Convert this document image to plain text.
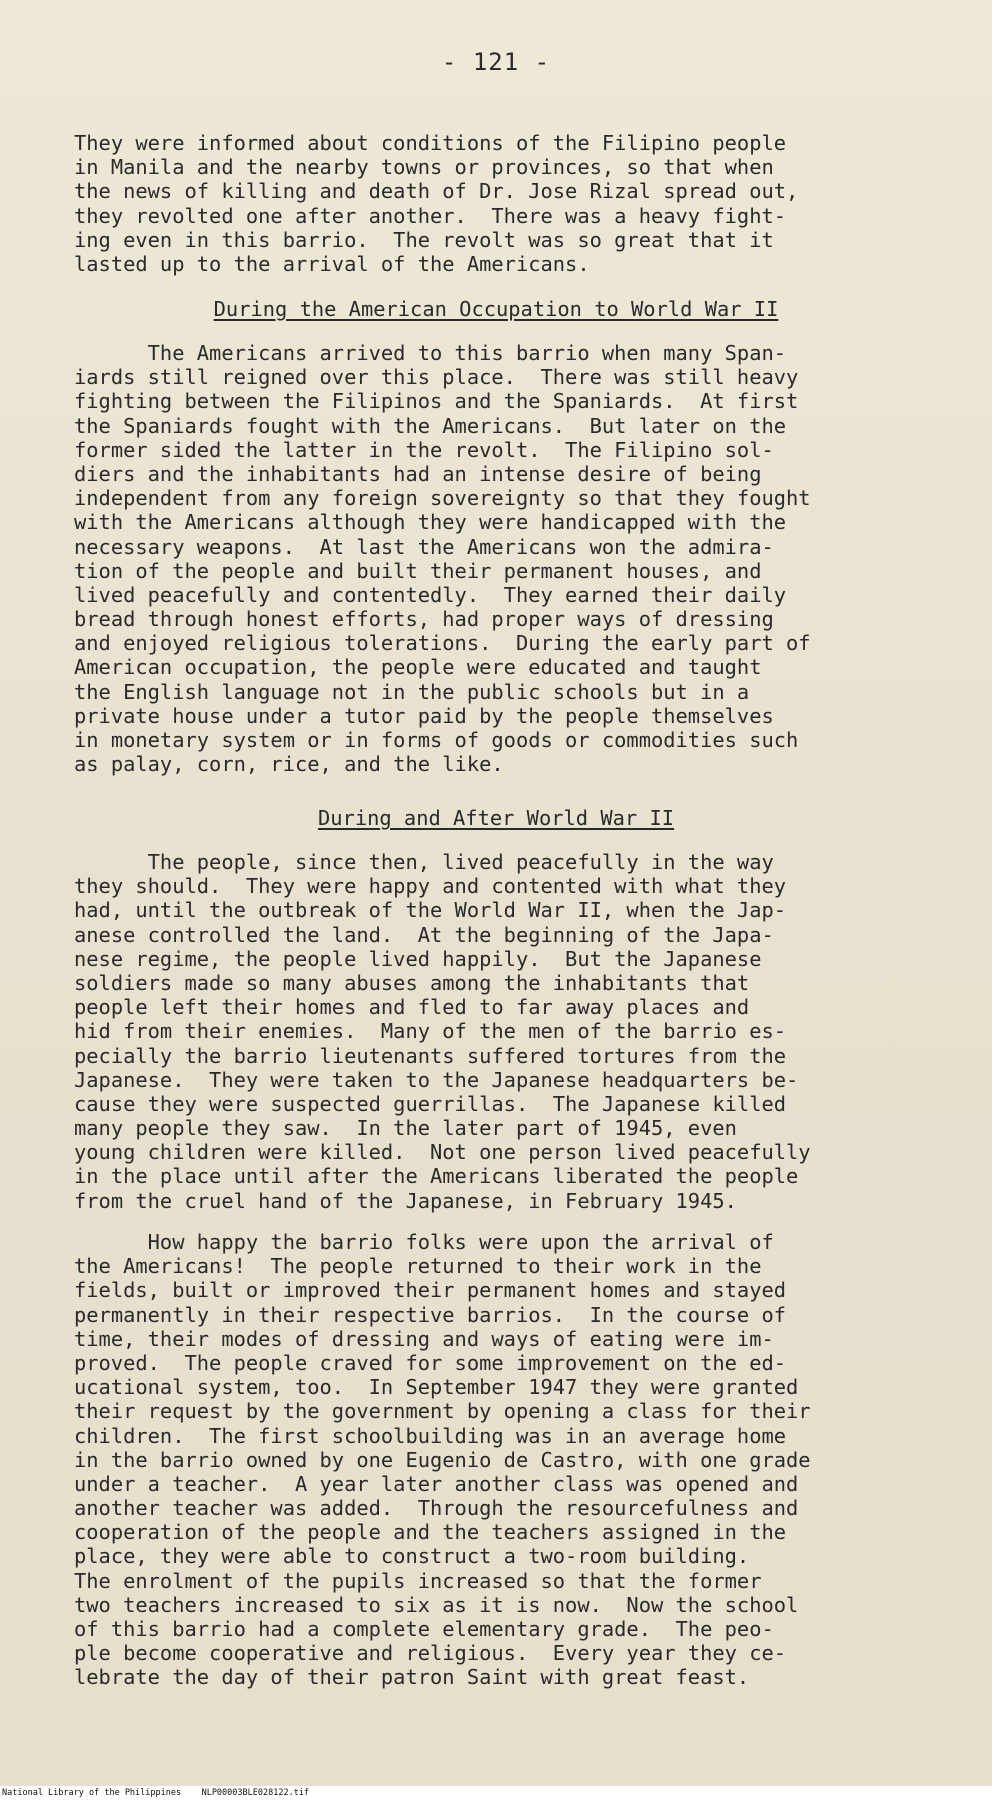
- 121 -
They were informed about conditions of the Filipino people
in Manila and the nearby towns or provinces, so that when
the news of killing and death of Dr. Jose Rizal spread out,
they revolted one after another.  There was a heavy fight-
ing even in this barrio.  The revolt was so great that it
lasted up to the arrival of the Americans.
During the American Occupation to World War II
The Americans arrived to this barrio when many Span-
iards still reigned over this place.  There was still heavy
fighting between the Filipinos and the Spaniards.  At first
the Spaniards fought with the Americans.  But later on the
former sided the latter in the revolt.  The Filipino sol-
diers and the inhabitants had an intense desire of being
independent from any foreign sovereignty so that they fought
with the Americans although they were handicapped with the
necessary weapons.  At last the Americans won the admira-
tion of the people and built their permanent houses, and
lived peacefully and contentedly.  They earned their daily
bread through honest efforts, had proper ways of dressing
and enjoyed religious tolerations.  During the early part of
American occupation, the people were educated and taught
the English language not in the public schools but in a
private house under a tutor paid by the people themselves
in monetary system or in forms of goods or commodities such
as palay, corn, rice, and the like.
During and After World War II
The people, since then, lived peacefully in the way
they should.  They were happy and contented with what they
had, until the outbreak of the World War II, when the Jap-
anese controlled the land.  At the beginning of the Japa-
nese regime, the people lived happily.  But the Japanese
soldiers made so many abuses among the inhabitants that
people left their homes and fled to far away places and
hid from their enemies.  Many of the men of the barrio es-
pecially the barrio lieutenants suffered tortures from the
Japanese.  They were taken to the Japanese headquarters be-
cause they were suspected guerrillas.  The Japanese killed
many people they saw.  In the later part of 1945, even
young children were killed.  Not one person lived peacefully
in the place until after the Americans liberated the people
from the cruel hand of the Japanese, in February 1945.
How happy the barrio folks were upon the arrival of
the Americans!  The people returned to their work in the
fields, built or improved their permanent homes and stayed
permanently in their respective barrios.  In the course of
time, their modes of dressing and ways of eating were im-
proved.  The people craved for some improvement on the ed-
ucational system, too.  In September 1947 they were granted
their request by the government by opening a class for their
children.  The first schoolbuilding was in an average home
in the barrio owned by one Eugenio de Castro, with one grade
under a teacher.  A year later another class was opened and
another teacher was added.  Through the resourcefulness and
cooperation of the people and the teachers assigned in the
place, they were able to construct a two-room building.
The enrolment of the pupils increased so that the former
two teachers increased to six as it is now.  Now the school
of this barrio had a complete elementary grade.  The peo-
ple become cooperative and religious.  Every year they ce-
lebrate the day of their patron Saint with great feast.
National Library of the Philippines    NLP00003BLE028122.tif
